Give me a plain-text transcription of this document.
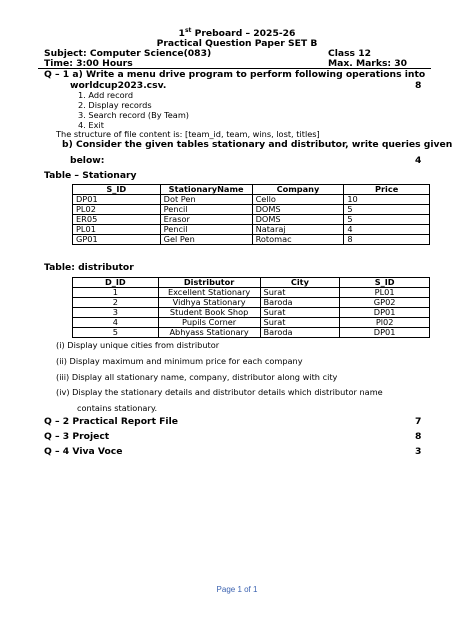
1st Preboard – 2025-26
Practical Question Paper SET B
Subject: Computer Science(083)	Class 12
Time: 3:00 Hours	Max. Marks: 30
Q – 1 a) Write a menu drive program to perform following operations into
worldcup2023.csv.	8
1. Add record
2. Display records
3. Search record (By Team)
4. Exit
The structure of file content is: [team_id, team, wins, lost, titles]
b) Consider the given tables stationary and distributor, write queries given
below:	4
Table – Stationary
S_ID	StationaryName	Company	Price
DP01	Dot Pen	Cello	10
PL02	Pencil	DOMS	5
ER05	Erasor	DOMS	5
PL01	Pencil	Nataraj	4
GP01	Gel Pen	Rotomac	8
Table: distributor
D_ID	Distributor	City	S_ID
1	Excellent Stationary	Surat	PL01
2	Vidhya Stationary	Baroda	GP02
3	Student Book Shop	Surat	DP01
4	Pupils Corner	Surat	Pl02
5	Abhyass Stationary	Baroda	DP01
(i) Display unique cities from distributor
(ii) Display maximum and minimum price for each company
(iii) Display all stationary name, company, distributor along with city
(iv) Display the stationary details and distributor details which distributor name
contains stationary.
Q – 2 Practical Report File	7
Q – 3 Project	8
Q – 4 Viva Voce	3
Page 1 of 1
